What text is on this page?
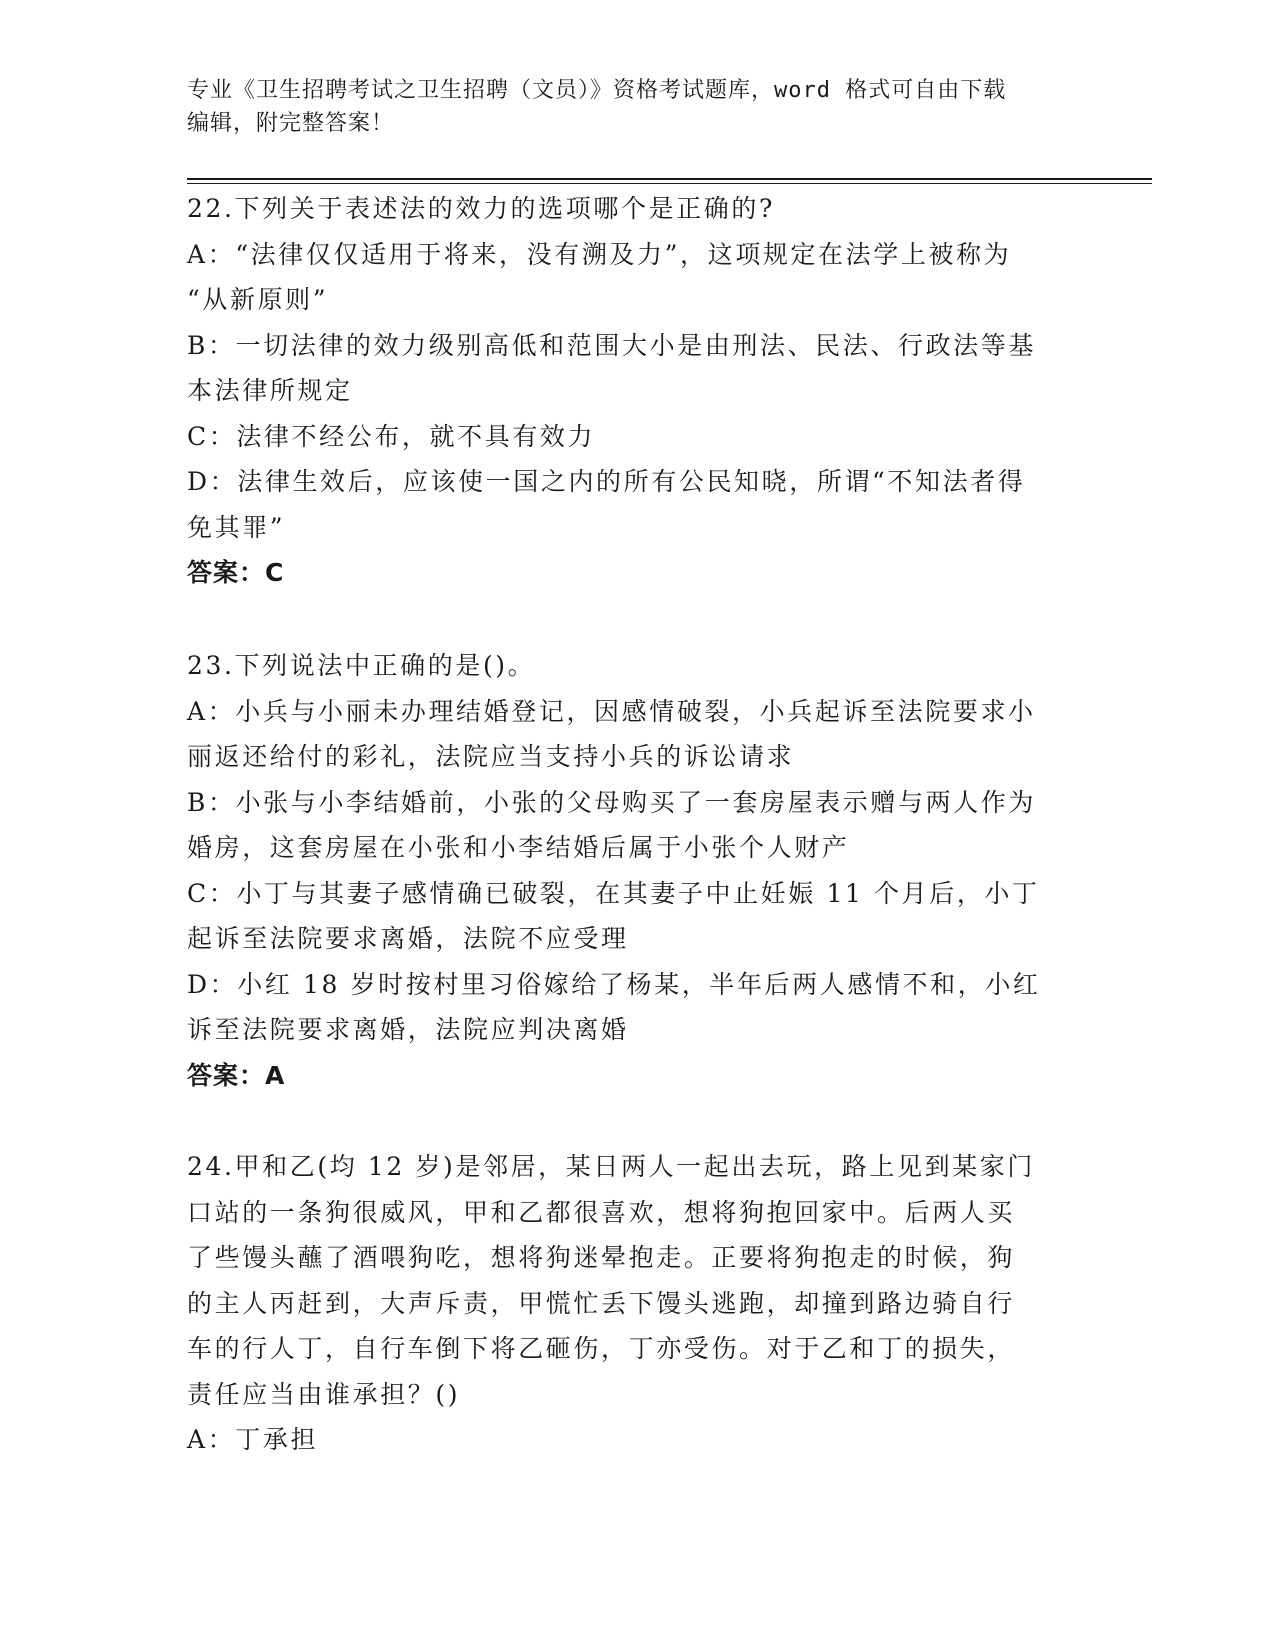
专业《卫生招聘考试之卫生招聘（文员）》资格考试题库，word 格式可自由下载
编辑，附完整答案！

22.下列关于表述法的效力的选项哪个是正确的?

A：“法律仅仅适用于将来，没有溯及力”，这项规定在法学上被称为
“从新原则”

B：一切法律的效力级别高低和范围大小是由刑法、民法、行政法等基
本法律所规定

C：法律不经公布，就不具有效力

D：法律生效后，应该使一国之内的所有公民知晓，所谓“不知法者得
免其罪”

答案：C

23.下列说法中正确的是()。

A：小兵与小丽未办理结婚登记，因感情破裂，小兵起诉至法院要求小
丽返还给付的彩礼，法院应当支持小兵的诉讼请求

B：小张与小李结婚前，小张的父母购买了一套房屋表示赠与两人作为
婚房，这套房屋在小张和小李结婚后属于小张个人财产

C：小丁与其妻子感情确已破裂，在其妻子中止妊娠 11 个月后，小丁
起诉至法院要求离婚，法院不应受理

D：小红 18 岁时按村里习俗嫁给了杨某，半年后两人感情不和，小红
诉至法院要求离婚，法院应判决离婚

答案：A

24.甲和乙(均 12 岁)是邻居，某日两人一起出去玩，路上见到某家门
口站的一条狗很威风，甲和乙都很喜欢，想将狗抱回家中。后两人买
了些馒头蘸了酒喂狗吃，想将狗迷晕抱走。正要将狗抱走的时候，狗
的主人丙赶到，大声斥责，甲慌忙丢下馒头逃跑，却撞到路边骑自行
车的行人丁，自行车倒下将乙砸伤，丁亦受伤。对于乙和丁的损失，
责任应当由谁承担？()

A：丁承担
